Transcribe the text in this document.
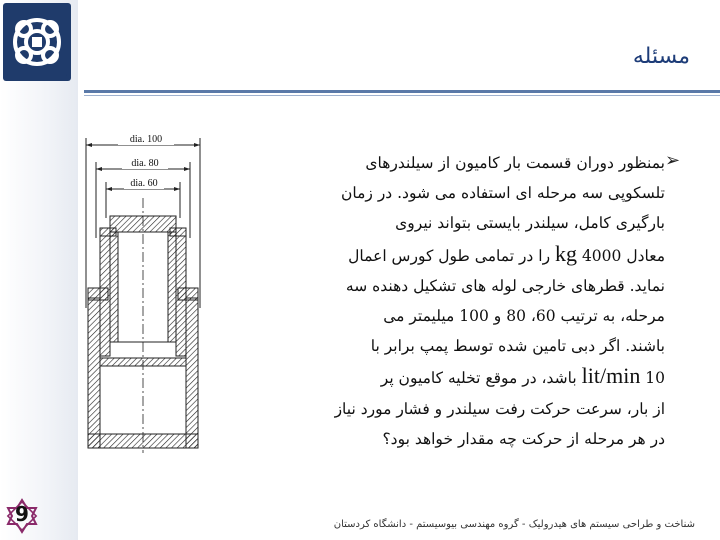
مسئله
dia. 100
dia. 80
dia. 60
➢

بمنظور دوران قسمت بار کامیون از سیلندرهای

تلسکوپی سه مرحله ای استفاده می شود. در زمان

بارگیری کامل، سیلندر بایستی بتواند نیروی

معادل kg 4000 را در تمامی طول کورس اعمال

نماید. قطرهای خارجی لوله های تشکیل دهنده سه

مرحله، به ترتیب 60، 80 و 100 میلیمتر می

باشند. اگر دبی تامین شده توسط پمپ برابر با

10 lit/min باشد، در موقع تخلیه کامیون پر

از بار، سرعت حرکت رفت سیلندر و فشار مورد نیاز

در هر مرحله از حرکت چه مقدار خواهد بود؟

9	شناخت و طراحی سیستم های هیدرولیک - گروه مهندسی بیوسیستم - دانشگاه کردستان
